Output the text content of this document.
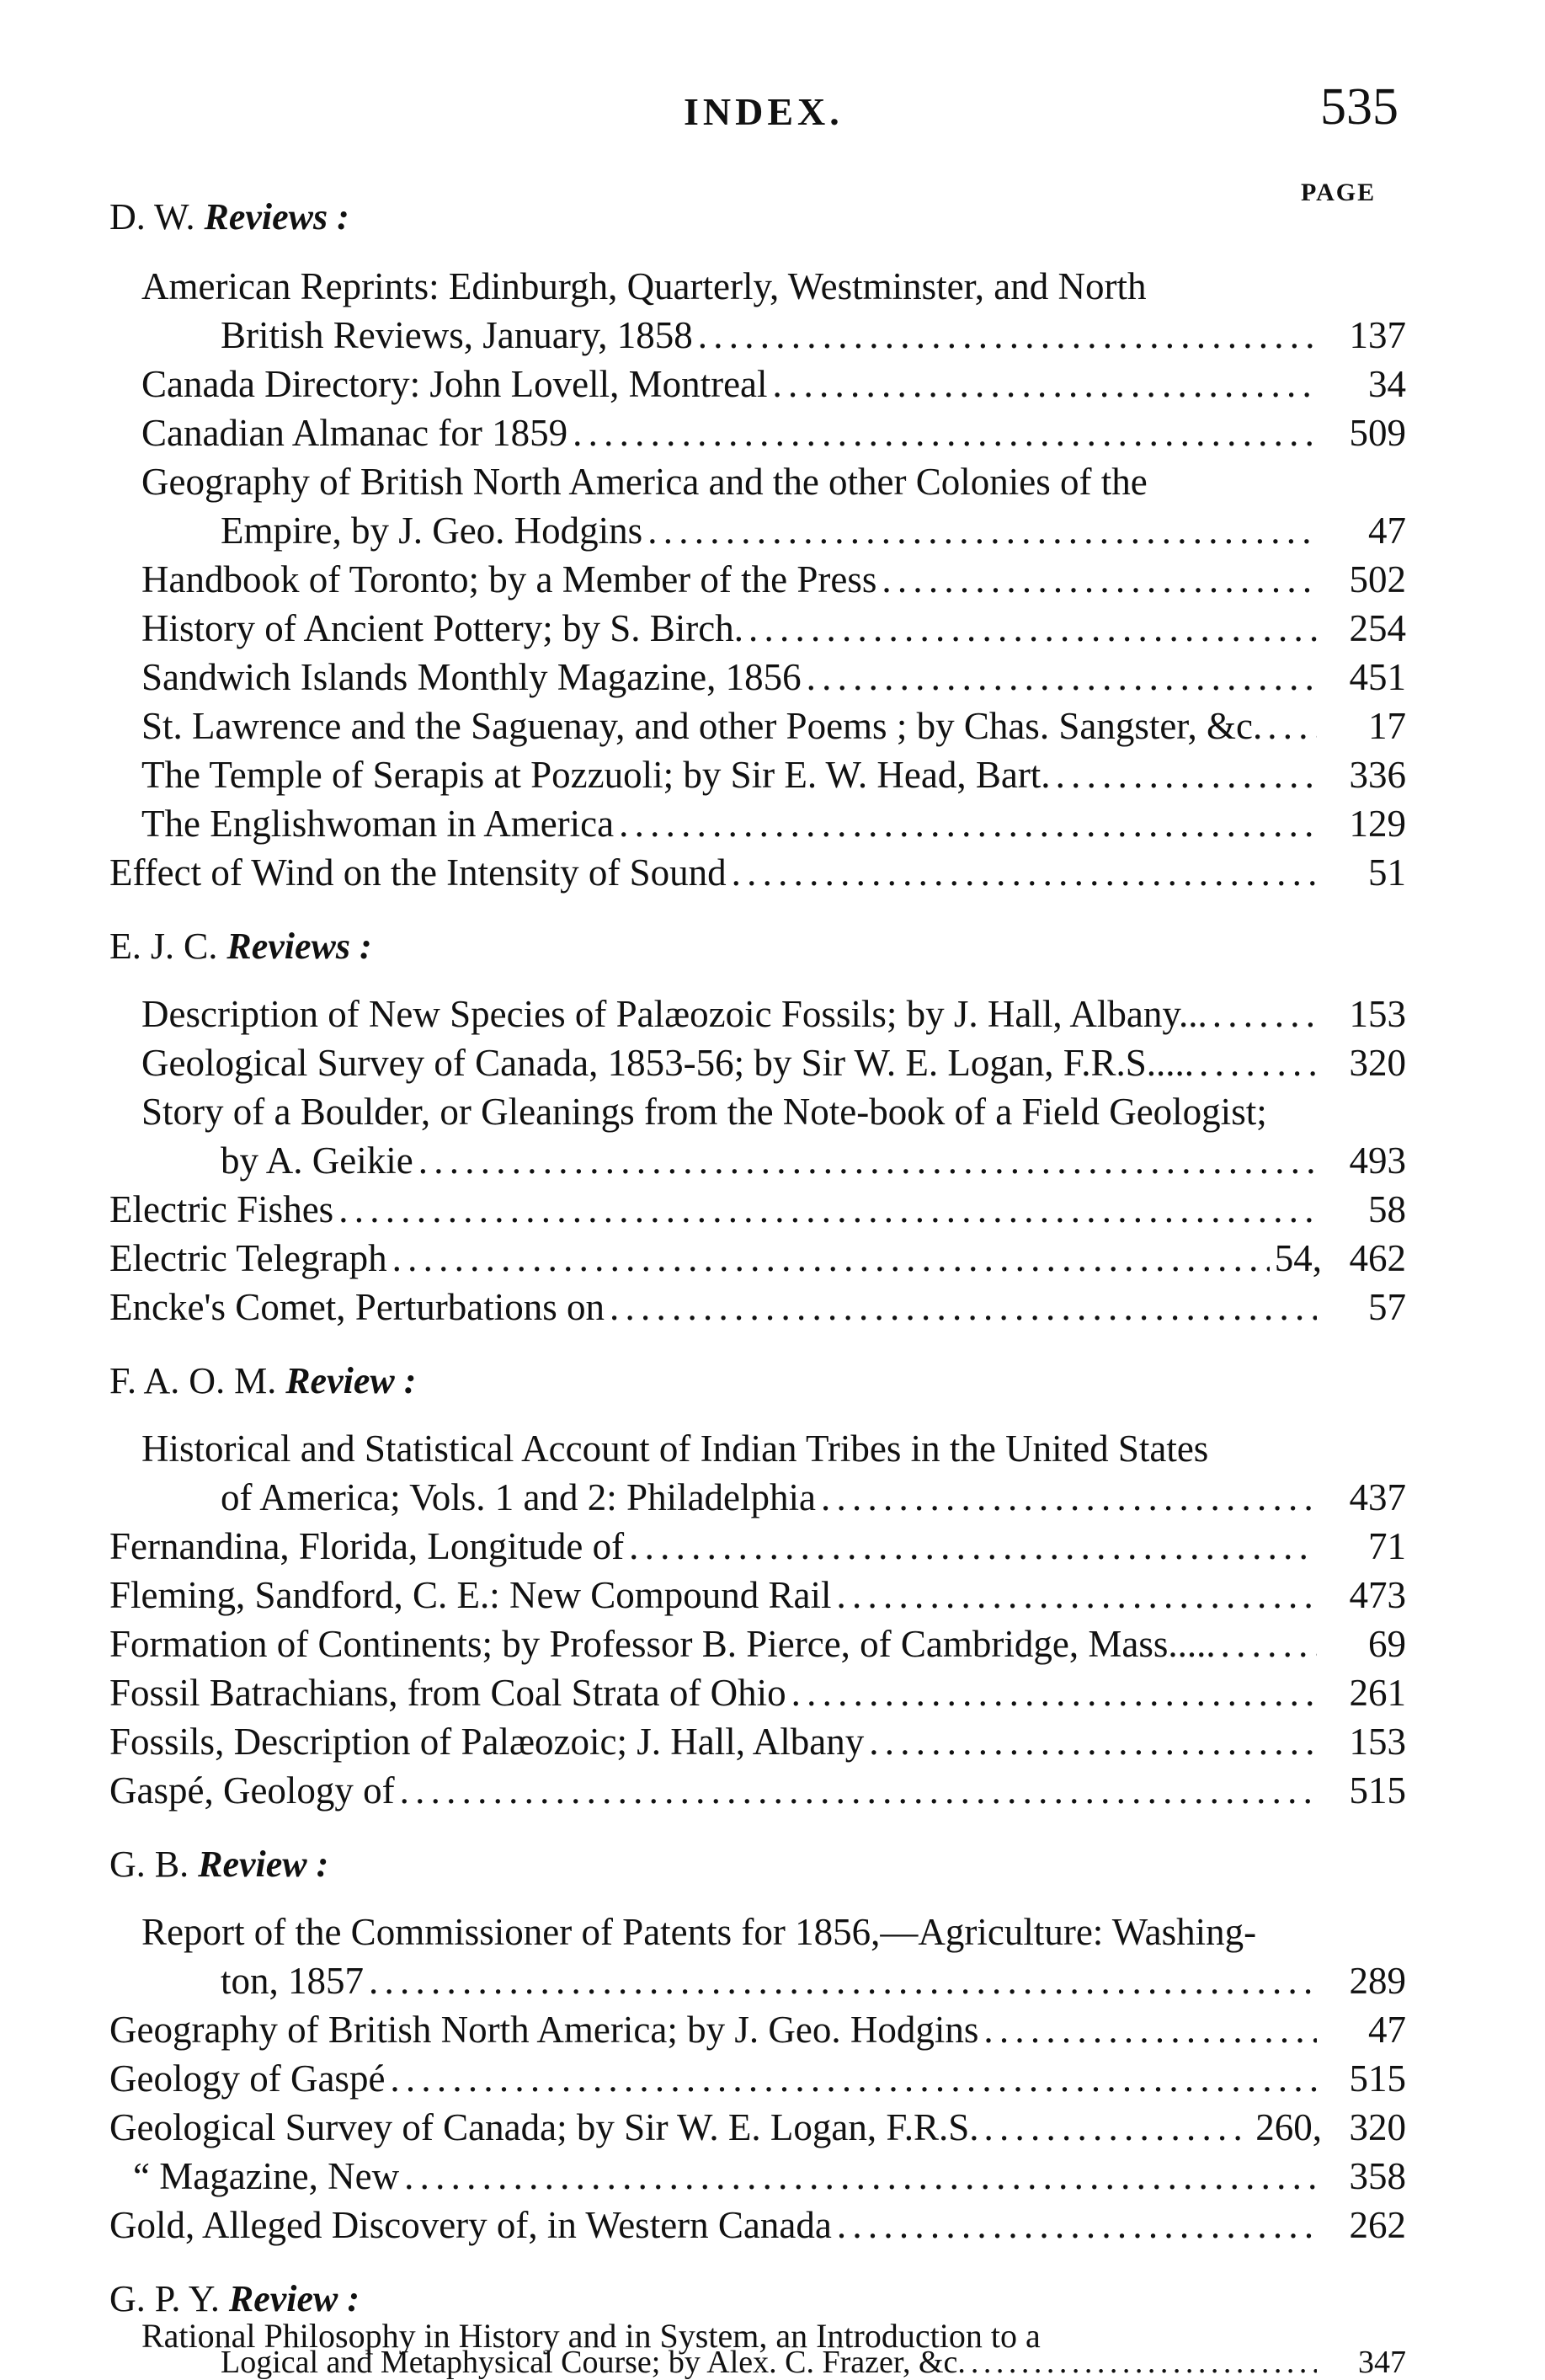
INDEX.	535
PAGE
D. W. Reviews :
American Reprints: Edinburgh, Quarterly, Westminster, and North
British Reviews, January, 1858 . . .	137
Canada Directory: John Lovell, Montreal . . .	34
Canadian Almanac for 1859 . . .	509
Geography of British North America and the other Colonies of the
Empire, by J. Geo. Hodgins . . .	47
Handbook of Toronto; by a Member of the Press . . .	502
History of Ancient Pottery; by S. Birch. . . .	254
Sandwich Islands Monthly Magazine, 1856 . . .	451
St. Lawrence and the Saguenay, and other Poems ; by Chas. Sangster, &c. . . .	17
The Temple of Serapis at Pozzuoli; by Sir E. W. Head, Bart. . . .	336
The Englishwoman in America . . .	129
Effect of Wind on the Intensity of Sound . . .	51
E. J. C. Reviews :
Description of New Species of Palæozoic Fossils; by J. Hall, Albany... . . .	153
Geological Survey of Canada, 1853-56; by Sir W. E. Logan, F.R.S..... . . .	320
Story of a Boulder, or Gleanings from the Note-book of a Field Geologist;
by A. Geikie . . .	493
Electric Fishes . . .	58
Electric Telegraph . . .	54, 462
Encke's Comet, Perturbations on . . .	57
F. A. O. M. Review :
Historical and Statistical Account of Indian Tribes in the United States
of America; Vols. 1 and 2: Philadelphia . . .	437
Fernandina, Florida, Longitude of . . .	71
Fleming, Sandford, C. E.: New Compound Rail . . .	473
Formation of Continents; by Professor B. Pierce, of Cambridge, Mass..... . . .	69
Fossil Batrachians, from Coal Strata of Ohio . . .	261
Fossils, Description of Palæozoic; J. Hall, Albany . . .	153
Gaspé, Geology of . . .	515
G. B. Review :
Report of the Commissioner of Patents for 1856,—Agriculture: Washing-
ton, 1857 . . .	289
Geography of British North America; by J. Geo. Hodgins . . .	47
Geology of Gaspé . . .	515
Geological Survey of Canada; by Sir W. E. Logan, F.R.S. . . .	260, 320
“ Magazine, New . . .	358
Gold, Alleged Discovery of, in Western Canada . . .	262
G. P. Y. Review :
Rational Philosophy in History and in System, an Introduction to a
Logical and Metaphysical Course; by Alex. C. Frazer, &c. . . .	347
